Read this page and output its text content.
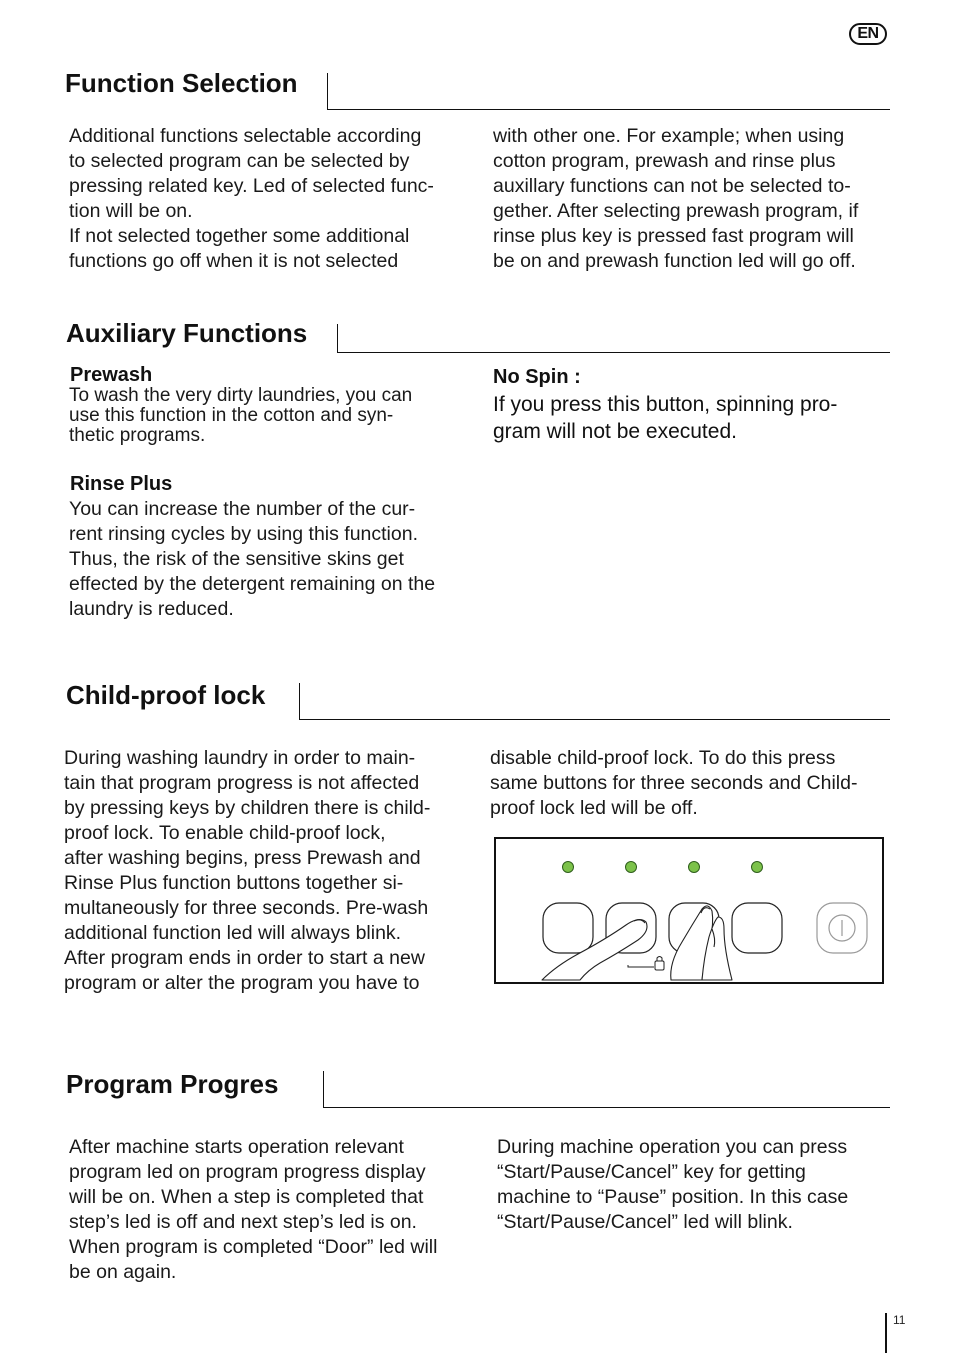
EN
Function Selection
Additional functions selectable according
to selected program can be selected by
pressing related key. Led of selected func-
tion will be on.
If not selected together some additional
functions go off when it is not selected
with other one. For example; when using
cotton program, prewash and rinse plus
auxillary functions can not be selected to-
gether. After selecting prewash program, if
rinse plus key is pressed fast program will
be on and prewash function led will go off.
Auxiliary Functions
Prewash
To wash the very dirty laundries, you can
use this function in the cotton and syn-
thetic programs.
Rinse Plus
You can increase the number of the cur-
rent rinsing cycles by using this function.
Thus, the risk of the sensitive skins get
effected by the detergent remaining on the
laundry is reduced.
No Spin :
If you press this button, spinning pro-
gram will not be executed.
Child-proof lock
During washing laundry in order to main-
tain that program progress is not affected
by pressing keys by children there is child-
proof lock. To enable child-proof lock,
after washing begins, press Prewash and
Rinse Plus function buttons together si-
multaneously for three seconds. Pre-wash
additional function led will always blink.
After program ends in order to start a new
program or alter the program you have to
disable child-proof lock. To do this press
same buttons for three seconds and Child-
proof lock led will be off.
Program Progres
After machine starts operation relevant
program led on program progress display
will be on. When a step is completed that
step’s led is off and next step’s led is on.
When program is completed “Door” led will
be on again.
During machine operation you can press
“Start/Pause/Cancel” key for getting
machine to “Pause” position. In this case
“Start/Pause/Cancel” led will blink.
11
